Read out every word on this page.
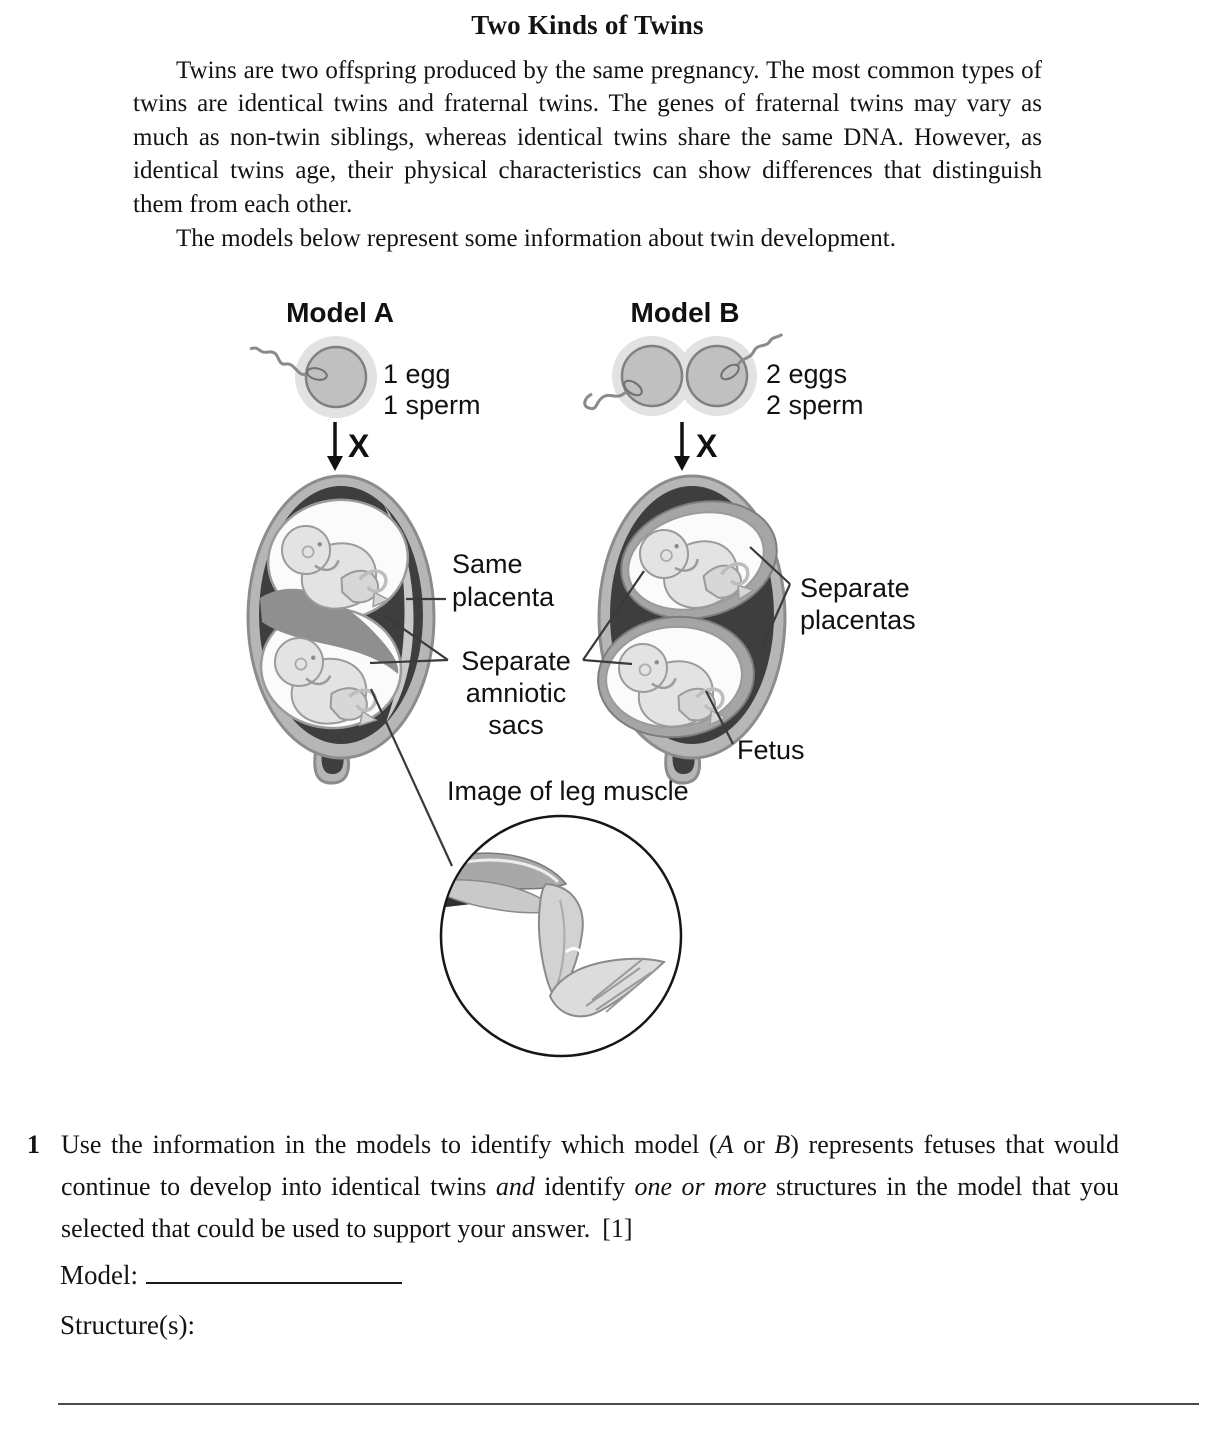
Two Kinds of Twins
Twins are two offspring produced by the same pregnancy. The most common types of twins are identical twins and fraternal twins. The genes of fraternal twins may vary as much as non-twin siblings, whereas identical twins share the same DNA. However, as identical twins age, their physical characteristics can show differences that distinguish them from each other.
The models below represent some information about twin development.
Model A
1 egg
1 sperm
X
Model B
2 eggs
2 sperm
X
Same
placenta
Separate
amniotic
sacs
Separate
placentas
Fetus
Image of leg muscle
1 Use the information in the models to identify which model (A or B) represents fetuses that would continue to develop into identical twins and identify one or more structures in the model that you selected that could be used to support your answer. [1]
Model:
Structure(s):
